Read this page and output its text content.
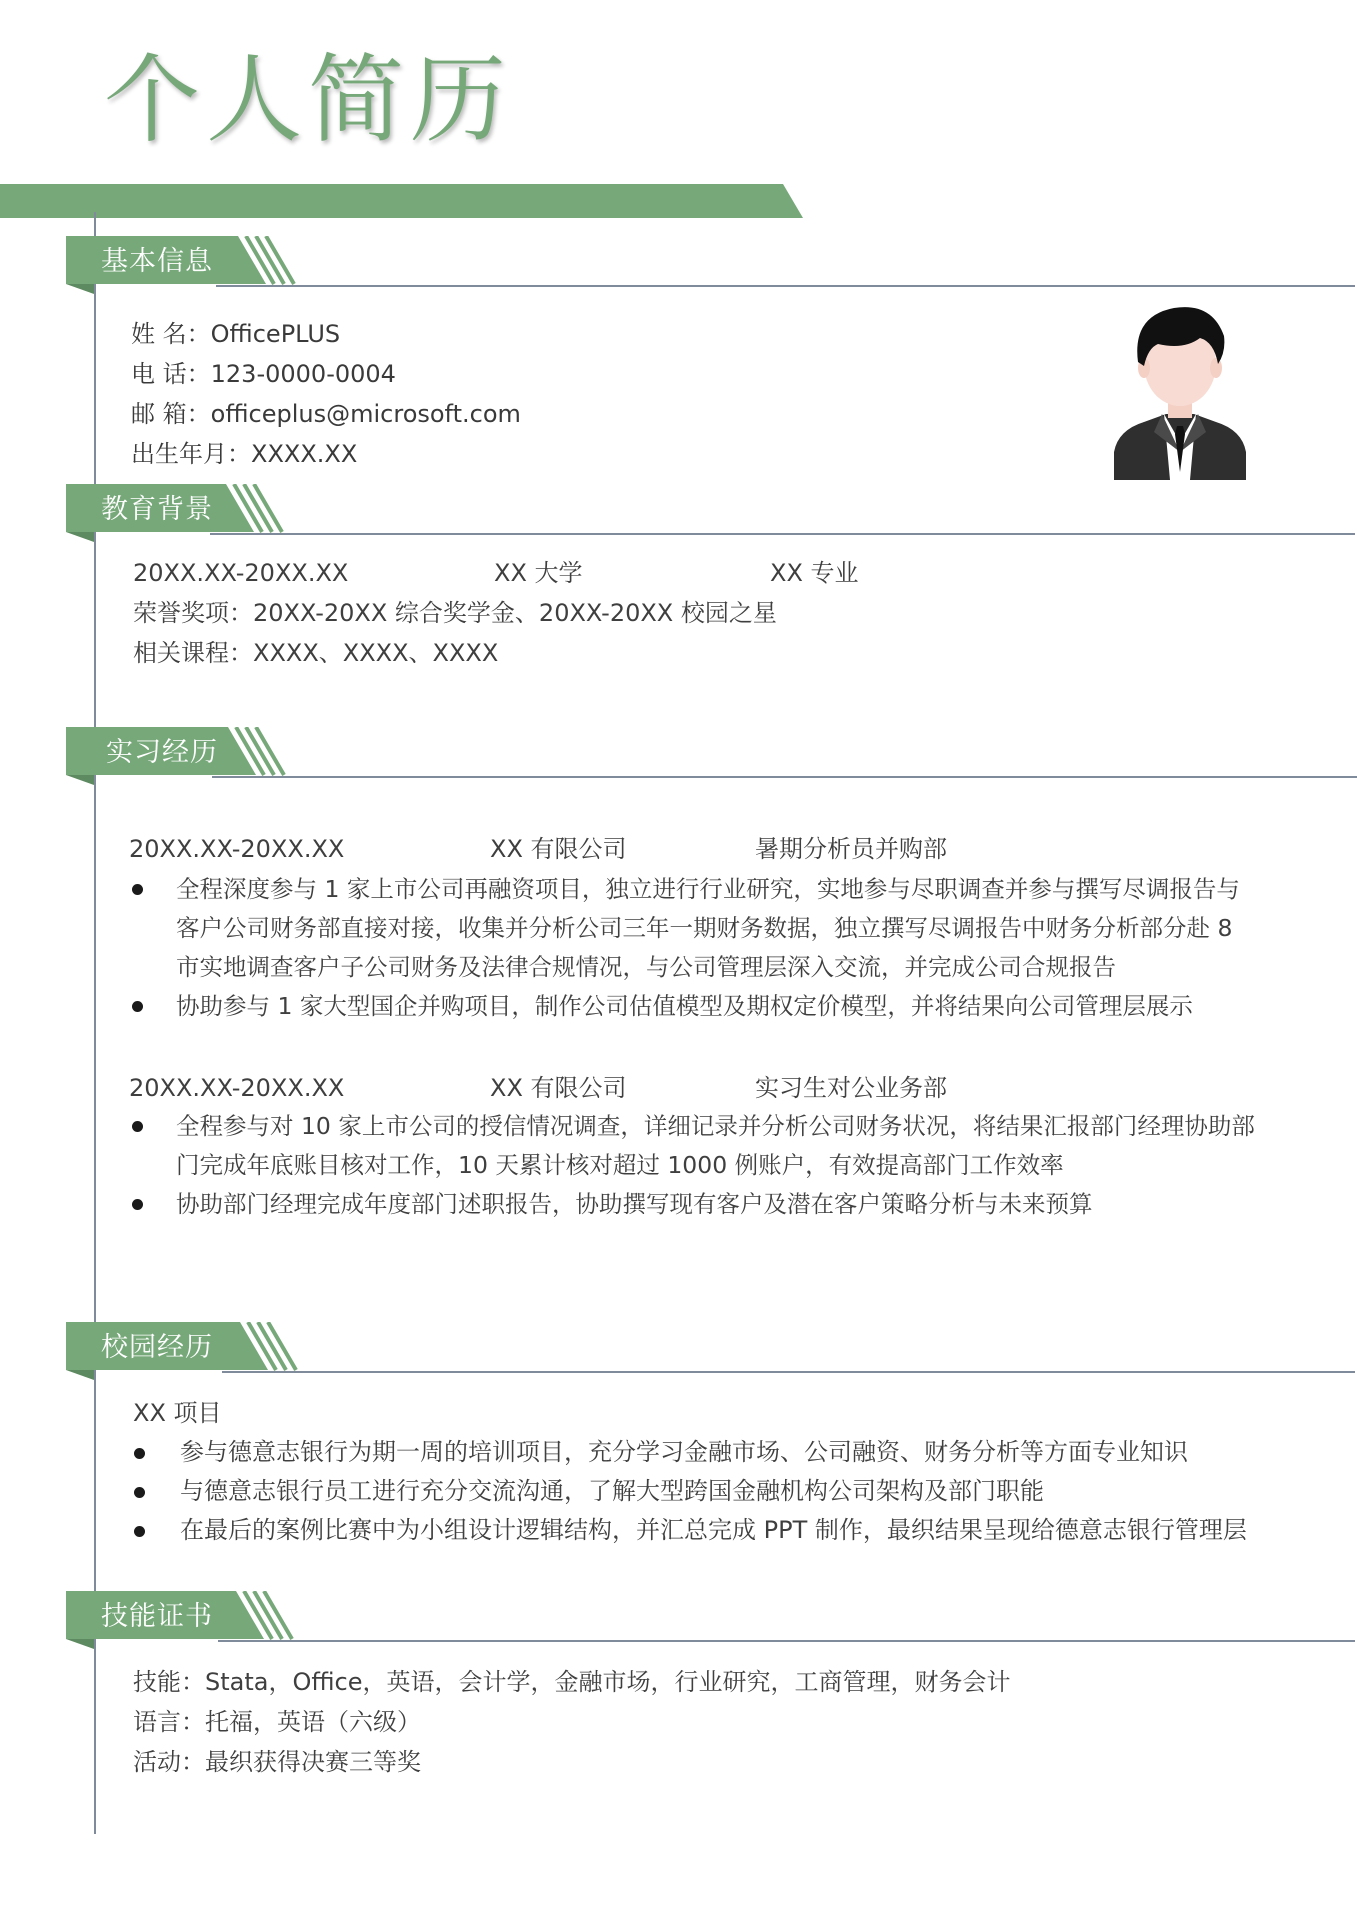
个人简历
基本信息
姓 名：OfficePLUS
电 话：123-0000-0004
邮 箱：officeplus@microsoft.com
出生年月：XXXX.XX
教育背景
20XX.XX-20XX.XX	XX 大学	XX 专业
荣誉奖项：20XX-20XX 综合奖学金、20XX-20XX 校园之星
相关课程：XXXX、XXXX、XXXX
实习经历
20XX.XX-20XX.XX	XX 有限公司	暑期分析员并购部
全程深度参与 1 家上市公司再融资项目，独立进行行业研究，实地参与尽职调查并参与撰写尽调报告与客户公司财务部直接对接，收集并分析公司三年一期财务数据，独立撰写尽调报告中财务分析部分赴 8 市实地调查客户子公司财务及法律合规情况，与公司管理层深入交流，并完成公司合规报告
协助参与 1 家大型国企并购项目，制作公司估值模型及期权定价模型，并将结果向公司管理层展示
20XX.XX-20XX.XX	XX 有限公司	实习生对公业务部
全程参与对 10 家上市公司的授信情况调查，详细记录并分析公司财务状况，将结果汇报部门经理协助部门完成年底账目核对工作，10 天累计核对超过 1000 例账户，有效提高部门工作效率
协助部门经理完成年度部门述职报告，协助撰写现有客户及潜在客户策略分析与未来预算
校园经历
XX 项目
参与德意志银行为期一周的培训项目，充分学习金融市场、公司融资、财务分析等方面专业知识
与德意志银行员工进行充分交流沟通，了解大型跨国金融机构公司架构及部门职能
在最后的案例比赛中为小组设计逻辑结构，并汇总完成 PPT 制作，最织结果呈现给德意志银行管理层
技能证书
技能：Stata，Office，英语，会计学，金融市场，行业研究，工商管理，财务会计
语言：托福，英语（六级）
活动：最织获得决赛三等奖
